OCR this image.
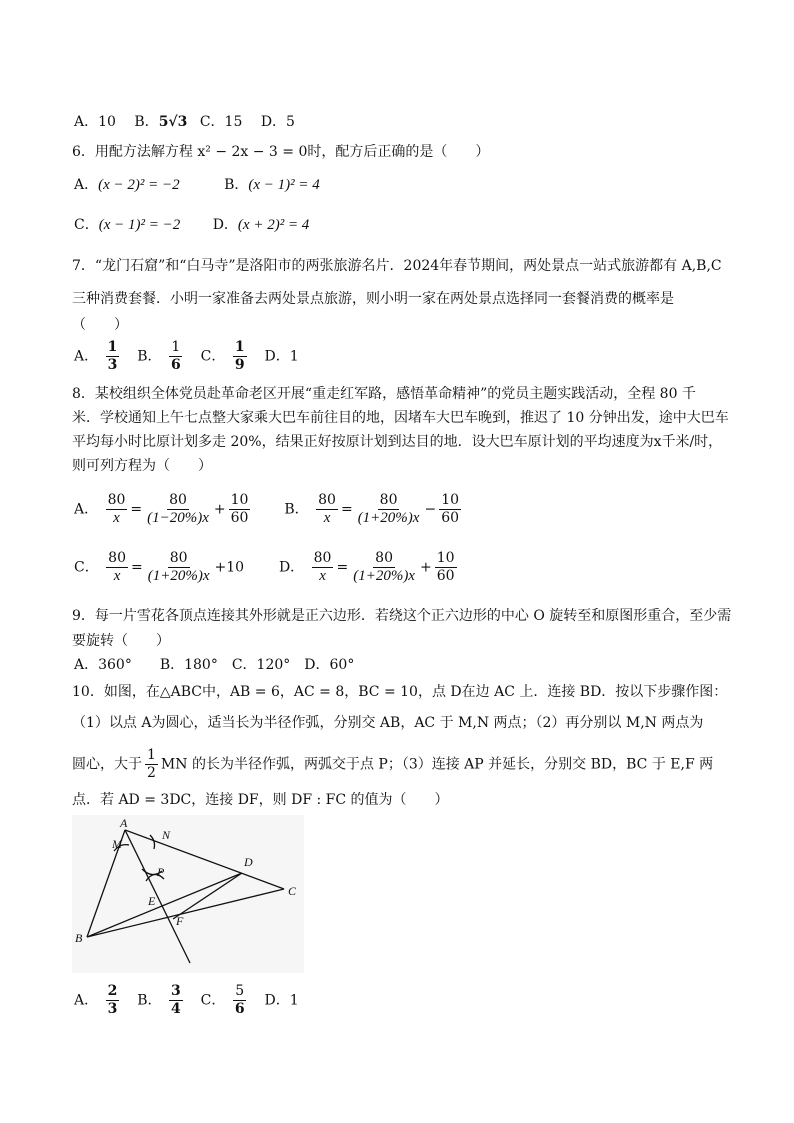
A．10 B．5√3 C．15 D．5
6．用配方法解方程 x² − 2x − 3 = 0时，配方后正确的是（　　）
A．(x − 2)² = −2	B．(x − 1)² = 4
C．(x − 1)² = −2 D．(x + 2)² = 4
7．“龙门石窟”和“白马寺”是洛阳市的两张旅游名片．2024年春节期间，两处景点一站式旅游都有 A,B,C
三种消费套餐．小明一家准备去两处景点旅游，则小明一家在两处景点选择同一套餐消费的概率是
（　　）
A． $\frac{1}{3}$ B． $\frac{1}{6}$ C． $\frac{1}{9}$ D．1
8．某校组织全体党员赴革命老区开展“重走红军路，感悟革命精神”的党员主题实践活动，全程 80 千
米．学校通知上午七点整大家乘大巴车前往目的地，因堵车大巴车晚到，推迟了 10 分钟出发，途中大巴车
平均每小时比原计划多走 20%，结果正好按原计划到达目的地．设大巴车原计划的平均速度为x千米/时，
则可列方程为（　　）
A． $\frac{80}{x} = \frac{80}{(1-20\%)x} + \frac{10}{60}$ B． $\frac{80}{x} = \frac{80}{(1+20\%)x} - \frac{10}{60}$
C． $\frac{80}{x} = \frac{80}{(1+20\%)x} +10$ D． $\frac{80}{x} = \frac{80}{(1+20\%)x} + \frac{10}{60}$
9．每一片雪花各顶点连接其外形就是正六边形．若绕这个正六边形的中心 O 旋转至和原图形重合，至少需
要旋转（　　）
A．360°　　B．180°　C．120°　D．60°
10．如图，在△ABC中，AB = 6，AC = 8，BC = 10，点 D在边 AC 上．连接 BD．按以下步骤作图：
（1）以点 A为圆心，适当长为半径作弧，分别交 AB，AC 于 M,N 两点；（2）再分别以 M,N 两点为
圆心，大于 $\frac{1}{2}$ MN 的长为半径作弧，两弧交于点 P；（3）连接 AP 并延长，分别交 BD，BC 于 E,F 两
点．若 AD = 3DC，连接 DF，则 DF : FC 的值为（　　）
A
M
N
P
D
E
F
B
C
A． $\frac{2}{3}$ B． $\frac{3}{4}$ C． $\frac{5}{6}$ D．1
